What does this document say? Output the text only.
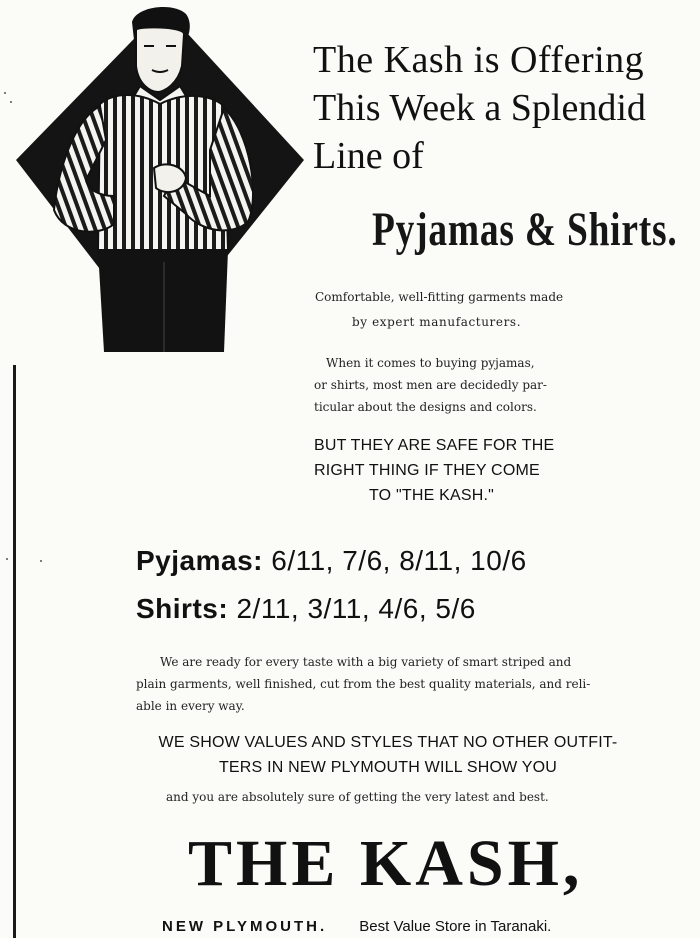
The Kash is Offering
This Week a Splendid
Line of
Pyjamas & Shirts.
Comfortable, well-fitting garments made
by expert manufacturers.
When it comes to buying pyjamas,
or shirts, most men are decidedly par-
ticular about the designs and colors.
BUT THEY ARE SAFE FOR THE
RIGHT THING IF THEY COME
TO "THE KASH."
Pyjamas: 6/11, 7/6, 8/11, 10/6
Shirts: 2/11, 3/11, 4/6, 5/6
We are ready for every taste with a big variety of smart striped and
plain garments, well finished, cut from the best quality materials, and reli-
able in every way.
WE SHOW VALUES AND STYLES THAT NO OTHER OUTFIT-
TERS IN NEW PLYMOUTH WILL SHOW YOU
and you are absolutely sure of getting the very latest and best.
THE KASH,
NEW PLYMOUTH. Best Value Store in Taranaki.
